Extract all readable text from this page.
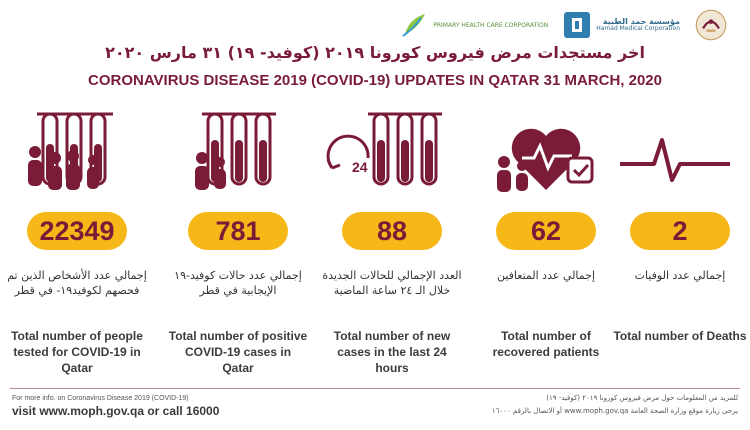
PRIMARY HEALTH CARE CORPORATION	مؤسسة حمد الطبية
Hamad Medical Corporation
اخر مستجدات مرض فيروس كورونا ٢٠١٩ (كوفيد- ١٩) ٣١ مارس ٢٠٢٠
CORONAVIRUS DISEASE 2019 (COVID-19) UPDATES IN QATAR 31 MARCH, 2020
22349
إجمالي عدد الأشخاص الذين تم فحصهم لكوفيد١٩- في قطر
Total number of people tested for COVID-19 in Qatar
781
إجمالي عدد حالات كوفيد-١٩ الإيجابية في قطر
Total number of positive COVID-19 cases in Qatar
24
88
العدد الإجمالي للحالات الجديدة خلال الـ ٢٤ ساعة الماضية
Total number of new cases in the last 24 hours
62
إجمالي عدد المتعافين
Total number of recovered patients
2
إجمالي عدد الوفيات
Total number of Deaths
For more info. on Coronavirus Disease 2019 (COVID-19)
visit www.moph.gov.qa or call 16000
للمزيد من المعلومات حول مرض فيروس كورونا ٢٠١٩ (كوفيد- ١٩)
يرجى زيارة موقع وزارة الصحة العامة www.moph.gov.qa أو الاتصال بالرقم ١٦٠٠٠
